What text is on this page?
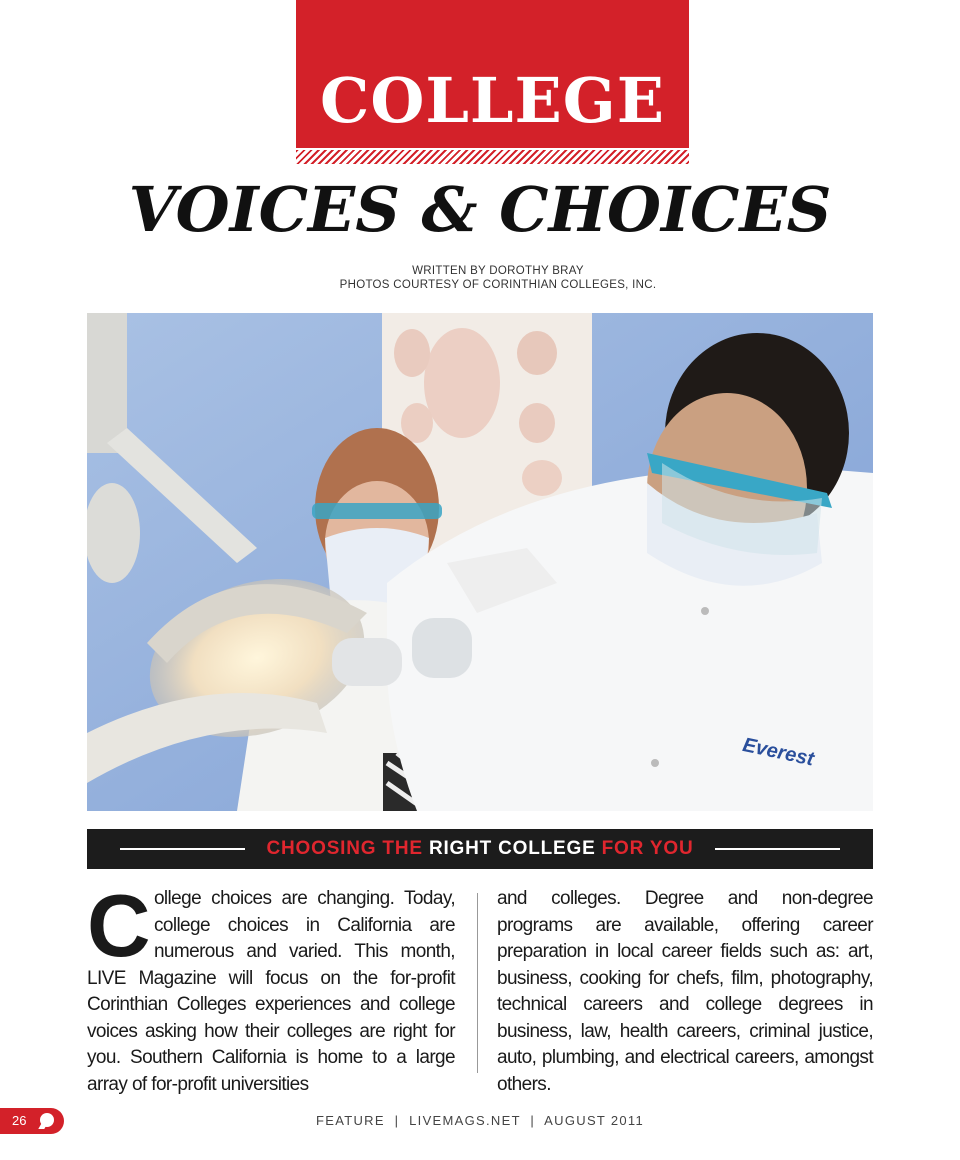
COLLEGE
VOICES & CHOICES
WRITTEN BY DOROTHY BRAY
PHOTOS COURTESY OF CORINTHIAN COLLEGES, INC.
Everest
CHOOSING THE RIGHT COLLEGE FOR YOU
College choices are changing. Today, college choices in California are numerous and varied. This month, LIVE Magazine will focus on the for-profit Corinthian Colleges experiences and college voices asking how their colleges are right for you. Southern California is home to a large array of for-profit universities
and colleges. Degree and non-degree programs are available, offering career preparation in local career fields such as: art, business, cooking for chefs, film, photography, technical careers and college degrees in business, law, health careers, criminal justice, auto, plumbing, and electrical careers, amongst others.
26	FEATURE  |  LIVEMAGS.NET  |  AUGUST 2011
